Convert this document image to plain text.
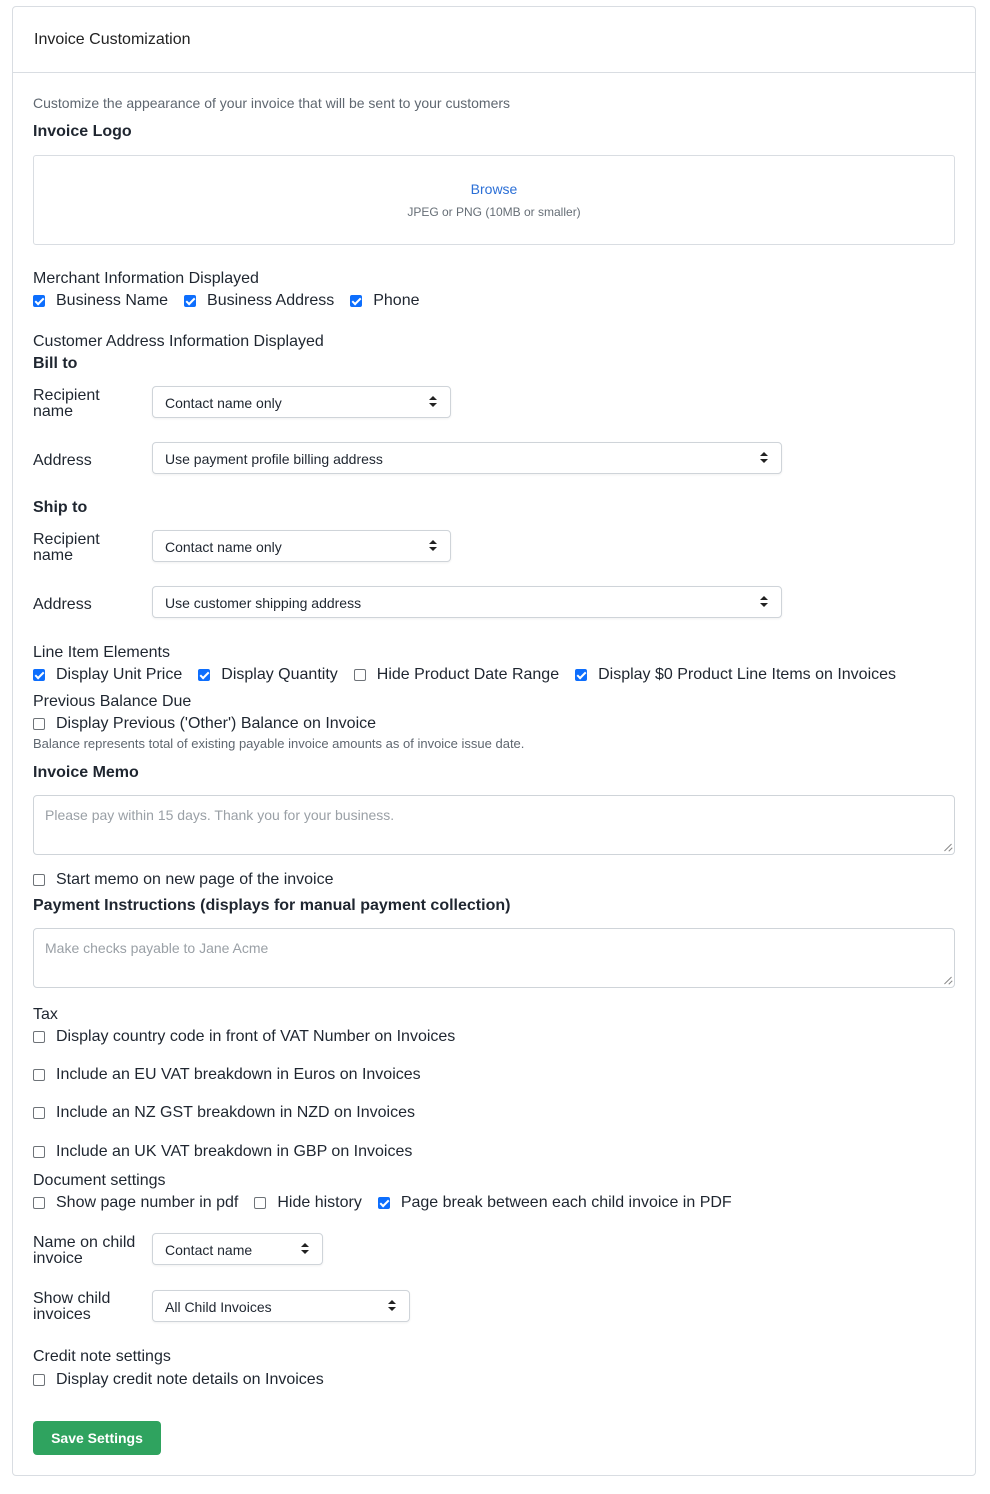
Invoice Customization
Customize the appearance of your invoice that will be sent to your customers
Invoice Logo
Browse
JPEG or PNG (10MB or smaller)
Merchant Information Displayed
Business Name Business Address Phone
Customer Address Information Displayed
Bill to
Recipient name	Contact name only
Address	Use payment profile billing address
Ship to
Recipient name	Contact name only
Address	Use customer shipping address
Line Item Elements
Display Unit Price Display Quantity Hide Product Date Range Display $0 Product Line Items on Invoices
Previous Balance Due
Display Previous ('Other') Balance on Invoice
Balance represents total of existing payable invoice amounts as of invoice issue date.
Invoice Memo
Please pay within 15 days. Thank you for your business.
Start memo on new page of the invoice
Payment Instructions (displays for manual payment collection)
Make checks payable to Jane Acme
Tax
Display country code in front of VAT Number on Invoices
Include an EU VAT breakdown in Euros on Invoices
Include an NZ GST breakdown in NZD on Invoices
Include an UK VAT breakdown in GBP on Invoices
Document settings
Show page number in pdf Hide history Page break between each child invoice in PDF
Name on child invoice	Contact name
Show child invoices	All Child Invoices
Credit note settings
Display credit note details on Invoices
Save Settings
